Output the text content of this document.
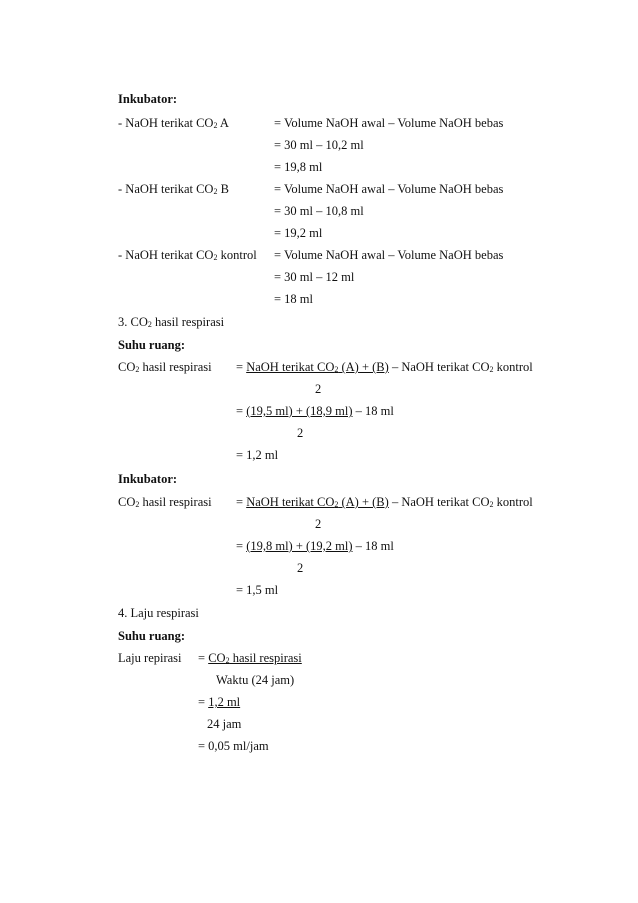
Inkubator:
- NaOH terikat $CO_2$ A	= Volume NaOH awal – Volume NaOH bebas
= 30 ml – 10,2 ml
= 19,8 ml
- NaOH terikat $CO_2$ B	= Volume NaOH awal – Volume NaOH bebas
= 30 ml – 10,8 ml
= 19,2 ml
- NaOH terikat $CO_2$ kontrol = Volume NaOH awal – Volume NaOH bebas
= 30 ml – 12 ml
= 18 ml
3. $CO_2$ hasil respirasi
Suhu ruang:
$CO_2$ hasil respirasi = NaOH terikat $CO_2$ (A) + (B) – NaOH terikat $CO_2$ kontrol
2
= (19,5 ml) + (18,9 ml) – 18 ml
2
= 1,2 ml
Inkubator:
$CO_2$ hasil respirasi = NaOH terikat $CO_2$ (A) + (B) – NaOH terikat $CO_2$ kontrol
2
= (19,8 ml) + (19,2 ml) – 18 ml
2
= 1,5 ml
4. Laju respirasi
Suhu ruang:
Laju repirasi = $CO_2$ hasil respirasi
Waktu (24 jam)
= 1,2 ml
24 jam
= 0,05 ml/jam
